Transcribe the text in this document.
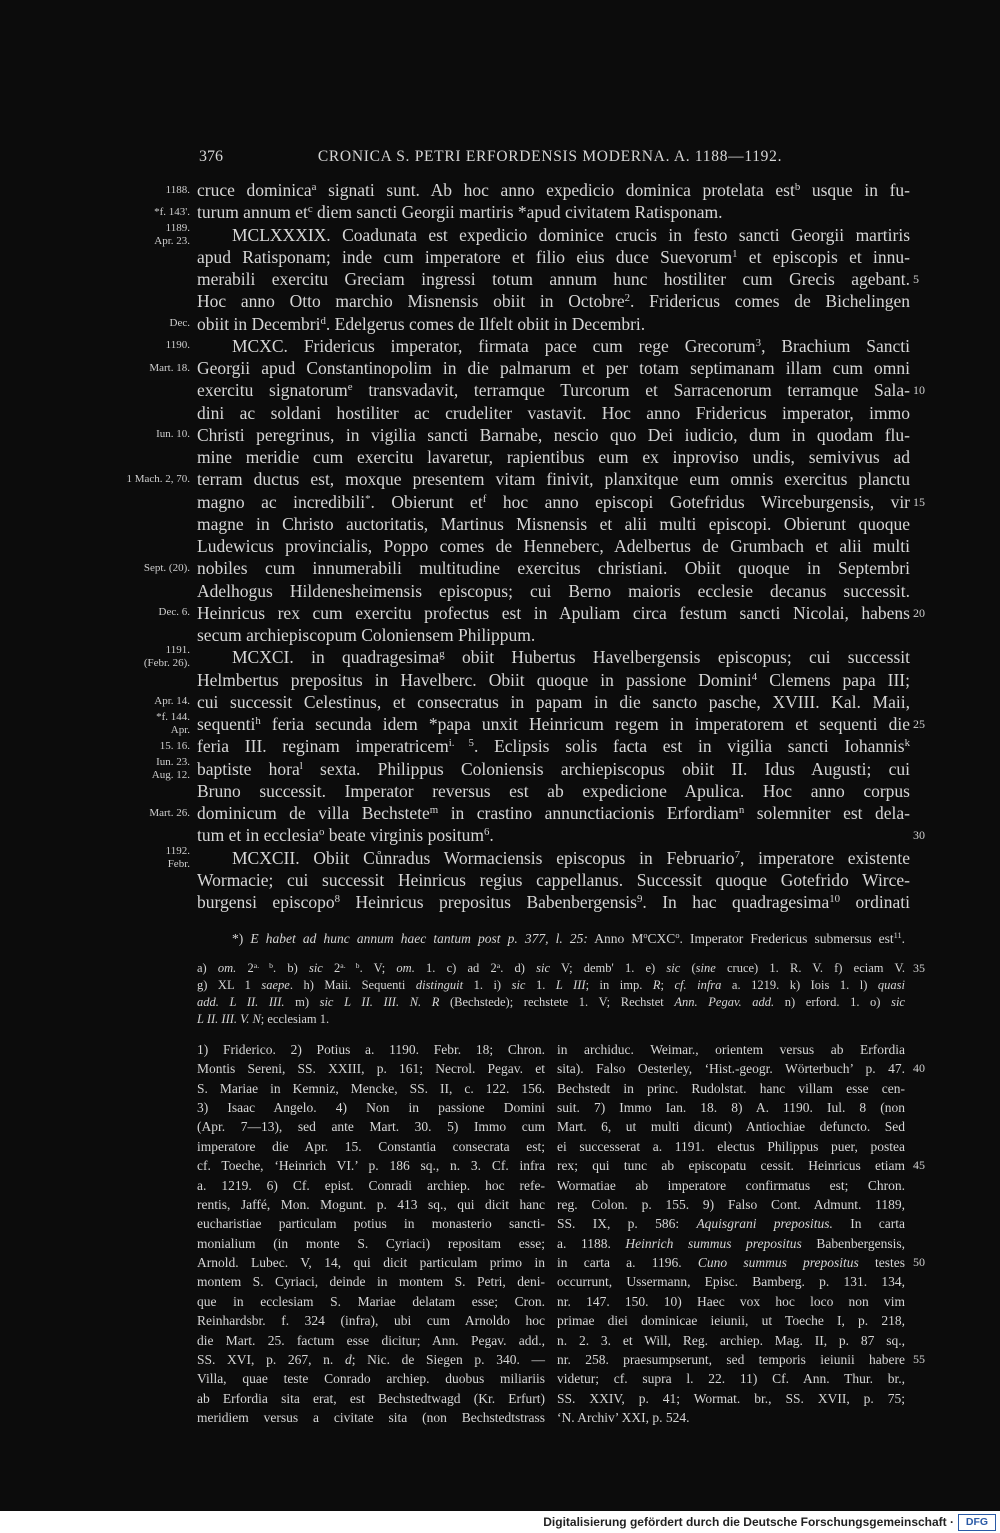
376	CRONICA S. PETRI ERFORDENSIS MODERNA. A. 1188—1192.
cruce dominica$^a$ signati sunt. Ab hoc anno expedicio dominica protelata est$^b$ usque in fu-
1188.
turum annum $et^c$ diem sancti Georgii martiris *apud civitatem Ratisponam.
*f. 143'.
MCLXXXIX. Coadunata est expedicio dominice crucis in festo sancti Georgii martiris
1189.
Apr. 23.
apud Ratisponam; inde cum imperatore et filio eius duce Suevorum$^1$ et episcopis et innu-
merabili exercitu Greciam ingressi totum annum hunc hostiliter cum Grecis agebant. 5
Hoc anno Otto marchio Misnensis obiit in Octobre$^2$. Fridericus comes de Bichelingen
obiit in Decembri$^d$. Edelgerus comes de Ilfelt obiit in Decembri.
Dec.
MCXC. Fridericus imperator, firmata pace cum rege Grecorum$^3$, Brachium Sancti
1190.
Georgii apud Constantinopolim in die palmarum et per totam septimanam illam cum omni
Mart. 18.
exercitu signatorum$^e$ transvadavit, terramque Turcorum et Sarracenorum terramque Sala- 10
dini ac soldani hostiliter ac crudeliter vastavit. Hoc anno Fridericus imperator, immo
Christi peregrinus, in vigilia sancti Barnabe, nescio quo Dei iudicio, dum in quodam flu-
Iun. 10.
mine meridie cum exercitu lavaretur, rapientibus eum ex inproviso undis, semivivus ad
terram ductus est, moxque presentem vitam finivit, planxitque eum omnis exercitus planctu
1 Mach. 2, 70.
magno ac incredibili*. Obierunt $et^f$ hoc anno episcopi Gotefridus Wirceburgensis, vir 15
magne in Christo auctoritatis, Martinus Misnensis et alii multi episcopi. Obierunt quoque
Ludewicus provincialis, Poppo comes de Henneberc, Adelbertus de Grumbach et alii multi
nobiles cum innumerabili multitudine exercitus christiani. Obiit quoque in Septembri
Sept. (20).
Adelhogus Hildenesheimensis episcopus; cui Berno maioris ecclesie decanus successit.
Heinricus rex cum exercitu profectus est in Apuliam circa festum sancti Nicolai, habens
Dec. 6.	20
secum archiepiscopum Coloniensem Philippum.
MCXCI. in quadragesima$^g$ obiit Hubertus Havelbergensis episcopus; cui successit
1191.
(Febr. 26).
Helmbertus prepositus in Havelberc. Obiit quoque in passione Domini$^4$ Clemens papa III;
cui successit Celestinus, et consecratus in papam in die sancto pasche, XVIII. Kal. Maii,
Apr. 14.
sequenti$^h$ feria secunda idem *papa unxit Heinricum regem in imperatorem et sequenti die
*f. 144.
Apr.	25
feria III. reginam imperatricem$^{i. 5}$. Eclipsis solis facta est in vigilia sancti Iohannis$^k$
15. 16.
baptiste hora$^l$ sexta. Philippus Coloniensis archiepiscopus obiit II. Idus Augusti; cui
Iun. 23.
Aug. 12.
Bruno successit. Imperator reversus est ab expedicione Apulica. Hoc anno corpus
dominicum de villa Bechstete$^m$ in crastino annunctiacionis Erfordiam$^n$ solemniter est dela-
Mart. 26.
tum et in ecclesia$^o$ beate virginis positum$^6$.	30
MCXCII. Obiit Cůnradus Wormaciensis episcopus in Februario$^7$, imperatore existente
1192.
Febr.
Wormacie; cui successit Heinricus regius cappellanus. Successit quoque Gotefrido Wirce-
burgensi episcopo$^8$ Heinricus prepositus Babenbergensis$^9$. In hac quadragesima$^{10}$ ordinati
*) E habet ad hunc annum haec tantum post p. 377, l. 25: Anno $M^oCXC^o$. Imperator Fredericus submersus est$^{11}$.
a) om. $2^{a. b}$. b) sic $2^{a. b}$. V; om. 1. c) ad 2$^a$. d) sic V; demb' 1. e) sic (sine cruce) 1. R. V. f) eciam V. 35
g) XL 1 saepe. h) Maii. Sequenti distinguit 1. i) sic 1. L III; in imp. R; cf. infra a. 1219. k) Iois 1. l) quasi
add. L II. III. m) sic L II. III. N. R (Bechstede); rechstete 1. V; Rechstet Ann. Pegav. add. n) erford. 1. o) sic
L II. III. V. N; ecclesiam 1.
1) Friderico. 2) Potius a. 1190. Febr. 18; Chron.
Montis Sereni, SS. XXIII, p. 161; Necrol. Pegav. et
S. Mariae in Kemniz, Mencke, SS. II, c. 122. 156.
3) Isaac Angelo. 4) Non in passione Domini
(Apr. 7—13), sed ante Mart. 30. 5) Immo cum
imperatore die Apr. 15. Constantia consecrata est;
cf. Toeche, ‘Heinrich VI.’ p. 186 sq., n. 3. Cf. infra
a. 1219. 6) Cf. epist. Conradi archiep. hoc refe-
rentis, Jaffé, Mon. Mogunt. p. 413 sq., qui dicit hanc
eucharistiae particulam potius in monasterio sancti-
monialium (in monte S. Cyriaci) repositam esse;
Arnold. Lubec. V, 14, qui dicit particulam primo in
montem S. Cyriaci, deinde in montem S. Petri, deni-
que in ecclesiam S. Mariae delatam esse; Cron.
Reinhardsbr. f. 324 (infra), ubi cum Arnoldo hoc
die Mart. 25. factum esse dicitur; Ann. Pegav. add.,
SS. XVI, p. 267, n. d; Nic. de Siegen p. 340. —
Villa, quae teste Conrado archiep. duobus miliariis
ab Erfordia sita erat, est Bechstedtwagd (Kr. Erfurt)
meridiem versus a civitate sita (non Bechstedtstrass
in archiduc. Weimar., orientem versus ab Erfordia
sita). Falso Oesterley, ‘Hist.-geogr. Wörterbuch’ p. 47. 40
Bechstedt in princ. Rudolstat. hanc villam esse cen-
suit. 7) Immo Ian. 18. 8) A. 1190. Iul. 8 (non
Mart. 6, ut multi dicunt) Antiochiae defuncto. Sed
ei successerat a. 1191. electus Philippus puer, postea
rex; qui tunc ab episcopatu cessit. Heinricus etiam 45
Wormatiae ab imperatore confirmatus est; Chron.
reg. Colon. p. 155. 9) Falso Cont. Admunt. 1189,
SS. IX, p. 586: Aquisgrani prepositus. In carta
a. 1188. Heinrich summus prepositus Babenbergensis,
in carta a. 1196. Cuno summus prepositus testes 50
occurrunt, Ussermann, Episc. Bamberg. p. 131. 134,
nr. 147. 150. 10) Haec vox hoc loco non vim
primae diei dominicae ieiunii, ut Toeche I, p. 218,
n. 2. 3. et Will, Reg. archiep. Mag. II, p. 87 sq.,
nr. 258. praesumpserunt, sed temporis ieiunii habere 55
videtur; cf. supra l. 22. 11) Cf. Ann. Thur. br.,
SS. XXIV, p. 41; Wormat. br., SS. XVII, p. 75;
‘N. Archiv’ XXI, p. 524.
Digitalisierung gefördert durch die Deutsche Forschungsgemeinschaft ·	DFG
